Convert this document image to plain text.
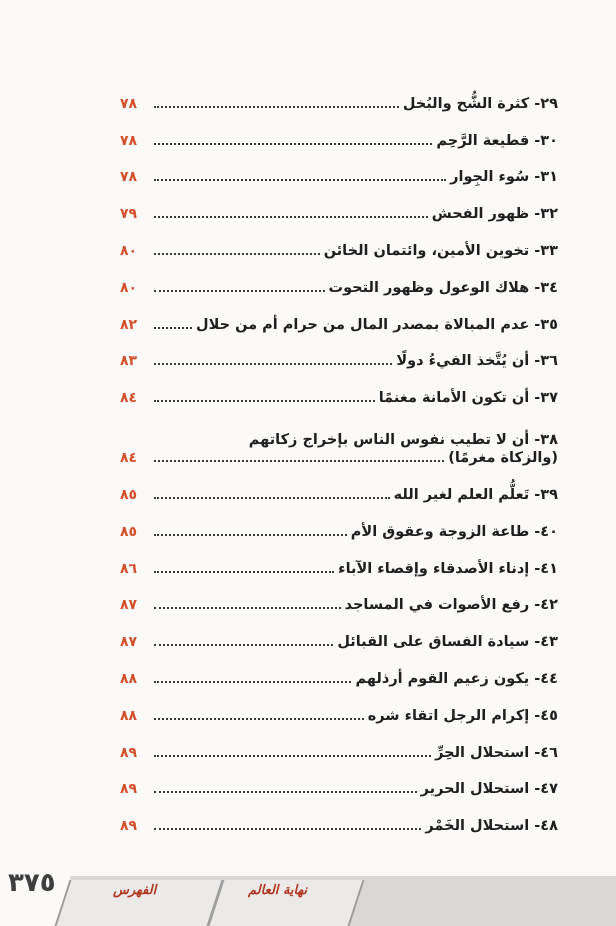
٢٩- كثرة الشُّح والبُخل
٧٨
٣٠- قطيعة الرَّحِم
٧٨
٣١- سُوء الجِوار
٧٨
٣٢- ظهور الفحش
٧٩
٣٣- تخوين الأمين، وائتمان الخائن
٨٠
٣٤- هلاك الوعول وظهور التحوت
٨٠
٣٥- عدم المبالاة بمصدر المال من حرام أم من حلال
٨٢
٣٦- أن يُتَّخذ الفيءُ دولًا
٨٣
٣٧- أن تكون الأمانة مغنمًا
٨٤
٣٨- أن لا تطيب نفوس الناس بإخراج زكاتهم
(والزكاة مغرمًا)
٨٤
٣٩- تَعلُّم العلم لغير الله
٨٥
٤٠- طاعة الزوجة وعقوق الأم
٨٥
٤١- إدناء الأصدقاء وإقصاء الآباء
٨٦
٤٢- رفع الأصوات في المساجد
٨٧
٤٣- سيادة الفساق على القبائل
٨٧
٤٤- يكون زعيم القوم أرذلهم
٨٨
٤٥- إكرام الرجل اتقاء شره
٨٨
٤٦- استحلال الحِرِّ
٨٩
٤٧- استحلال الحرير
٨٩
٤٨- استحلال الخَمْر
٨٩
نهاية العالم
الفهرس
٣٧٥
